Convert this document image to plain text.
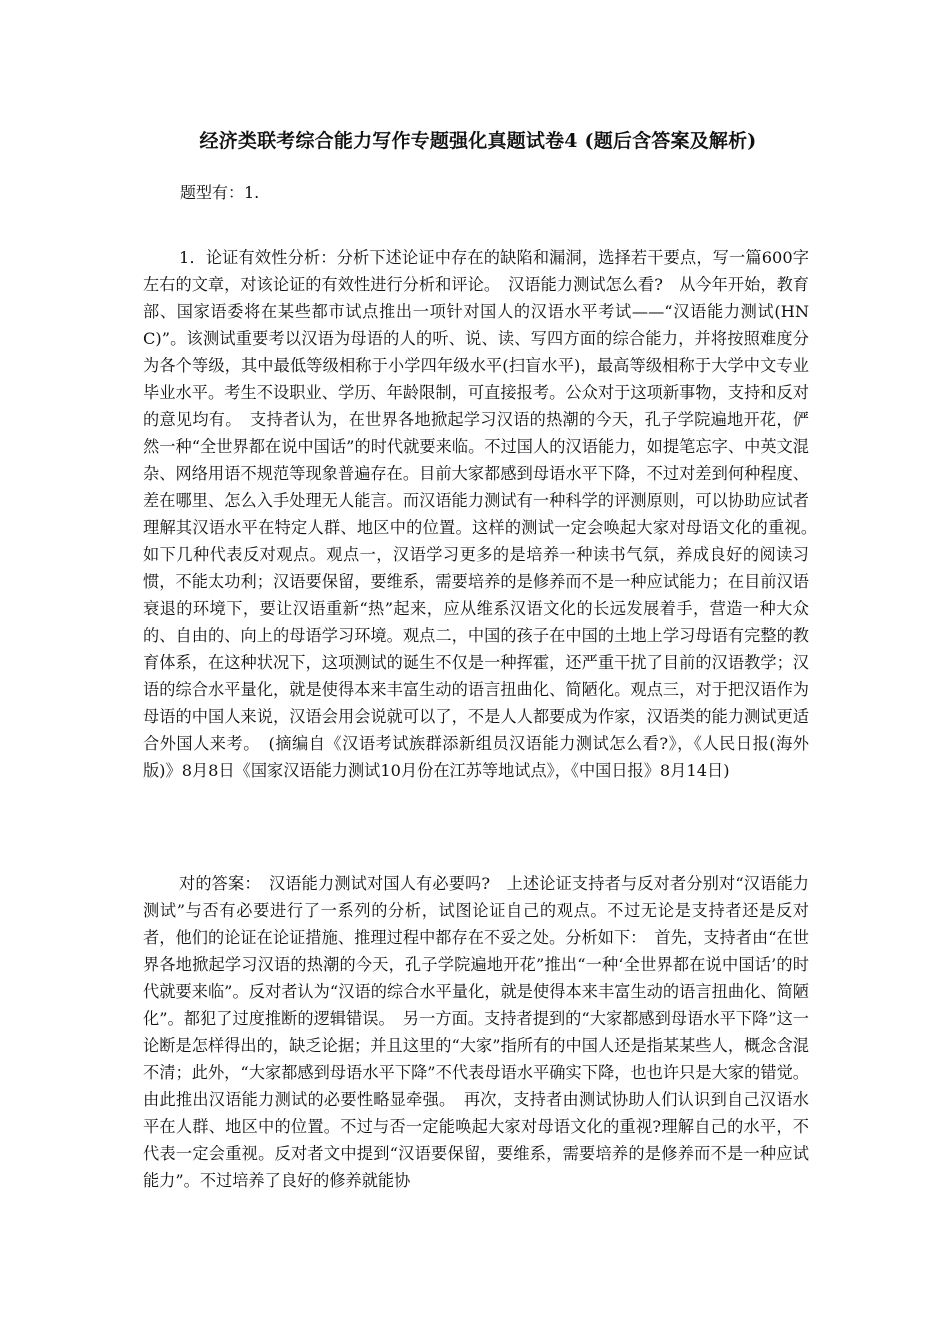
经济类联考综合能力写作专题强化真题试卷4 (题后含答案及解析)
题型有：1.

1．论证有效性分析：分析下述论证中存在的缺陷和漏洞，选择若干要点，写一篇600字左右的文章，对该论证的有效性进行分析和评论。　汉语能力测试怎么看?　从今年开始，教育部、国家语委将在某些都市试点推出一项针对国人的汉语水平考试——“汉语能力测试(HNC)”。该测试重要考以汉语为母语的人的听、说、读、写四方面的综合能力，并将按照难度分为各个等级，其中最低等级相称于小学四年级水平(扫盲水平)，最高等级相称于大学中文专业毕业水平。考生不设职业、学历、年龄限制，可直接报考。公众对于这项新事物，支持和反对的意见均有。　支持者认为，在世界各地掀起学习汉语的热潮的今天，孔子学院遍地开花，俨然一种“全世界都在说中国话”的时代就要来临。不过国人的汉语能力，如提笔忘字、中英文混杂、网络用语不规范等现象普遍存在。目前大家都感到母语水平下降，不过对差到何种程度、差在哪里、怎么入手处理无人能言。而汉语能力测试有一种科学的评测原则，可以协助应试者理解其汉语水平在特定人群、地区中的位置。这样的测试一定会唤起大家对母语文化的重视。　如下几种代表反对观点。观点一，汉语学习更多的是培养一种读书气氛，养成良好的阅读习惯，不能太功利；汉语要保留，要维系，需要培养的是修养而不是一种应试能力；在目前汉语衰退的环境下，要让汉语重新“热”起来，应从维系汉语文化的长远发展着手，营造一种大众的、自由的、向上的母语学习环境。观点二，中国的孩子在中国的土地上学习母语有完整的教育体系，在这种状况下，这项测试的诞生不仅是一种挥霍，还严重干扰了目前的汉语教学；汉语的综合水平量化，就是使得本来丰富生动的语言扭曲化、简陋化。观点三，对于把汉语作为母语的中国人来说，汉语会用会说就可以了，不是人人都要成为作家，汉语类的能力测试更适合外国人来考。　(摘编自《汉语考试族群添新组员汉语能力测试怎么看?》，《人民日报(海外版)》8月8日《国家汉语能力测试10月份在江苏等地试点》，《中国日报》8月14日)

对的答案：　汉语能力测试对国人有必要吗?　上述论证支持者与反对者分别对“汉语能力测试”与否有必要进行了一系列的分析，试图论证自己的观点。不过无论是支持者还是反对者，他们的论证在论证措施、推理过程中都存在不妥之处。分析如下：　首先，支持者由“在世界各地掀起学习汉语的热潮的今天，孔子学院遍地开花”推出“一种‘全世界都在说中国话’的时代就要来临”。反对者认为“汉语的综合水平量化，就是使得本来丰富生动的语言扭曲化、简陋化”。都犯了过度推断的逻辑错误。　另一方面。支持者提到的“大家都感到母语水平下降”这一论断是怎样得出的，缺乏论据；并且这里的“大家”指所有的中国人还是指某某些人，概念含混不清；此外，“大家都感到母语水平下降”不代表母语水平确实下降，也也许只是大家的错觉。由此推出汉语能力测试的必要性略显牵强。　再次，支持者由测试协助人们认识到自己汉语水平在人群、地区中的位置。不过与否一定能唤起大家对母语文化的重视?理解自己的水平，不代表一定会重视。反对者文中提到“汉语要保留，要维系，需要培养的是修养而不是一种应试能力”。不过培养了良好的修养就能协
